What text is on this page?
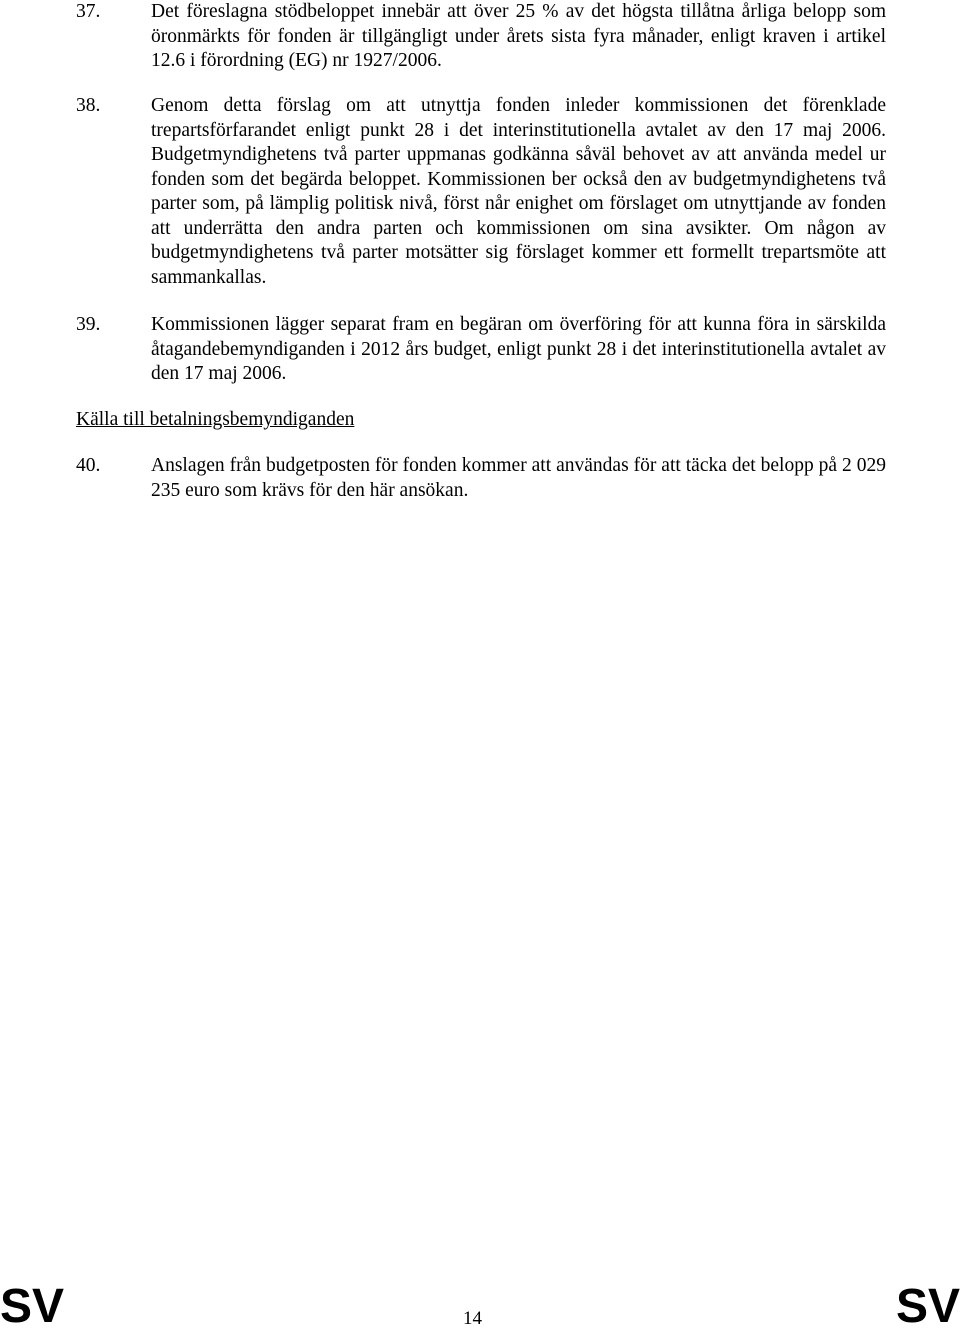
37.	Det föreslagna stödbeloppet innebär att över 25 % av det högsta tillåtna årliga belopp som öronmärkts för fonden är tillgängligt under årets sista fyra månader, enligt kraven i artikel 12.6 i förordning (EG) nr 1927/2006.
38.	Genom detta förslag om att utnyttja fonden inleder kommissionen det förenklade trepartsförfarandet enligt punkt 28 i det interinstitutionella avtalet av den 17 maj 2006. Budgetmyndighetens två parter uppmanas godkänna såväl behovet av att använda medel ur fonden som det begärda beloppet. Kommissionen ber också den av budgetmyndighetens två parter som, på lämplig politisk nivå, först når enighet om förslaget om utnyttjande av fonden att underrätta den andra parten och kommissionen om sina avsikter. Om någon av budgetmyndighetens två parter motsätter sig förslaget kommer ett formellt trepartsmöte att sammankallas.
39.	Kommissionen lägger separat fram en begäran om överföring för att kunna föra in särskilda åtagandebemyndiganden i 2012 års budget, enligt punkt 28 i det interinstitutionella avtalet av den 17 maj 2006.
Källa till betalningsbemyndiganden
40.	Anslagen från budgetposten för fonden kommer att användas för att täcka det belopp på 2 029 235 euro som krävs för den här ansökan.
SV	14	SV
